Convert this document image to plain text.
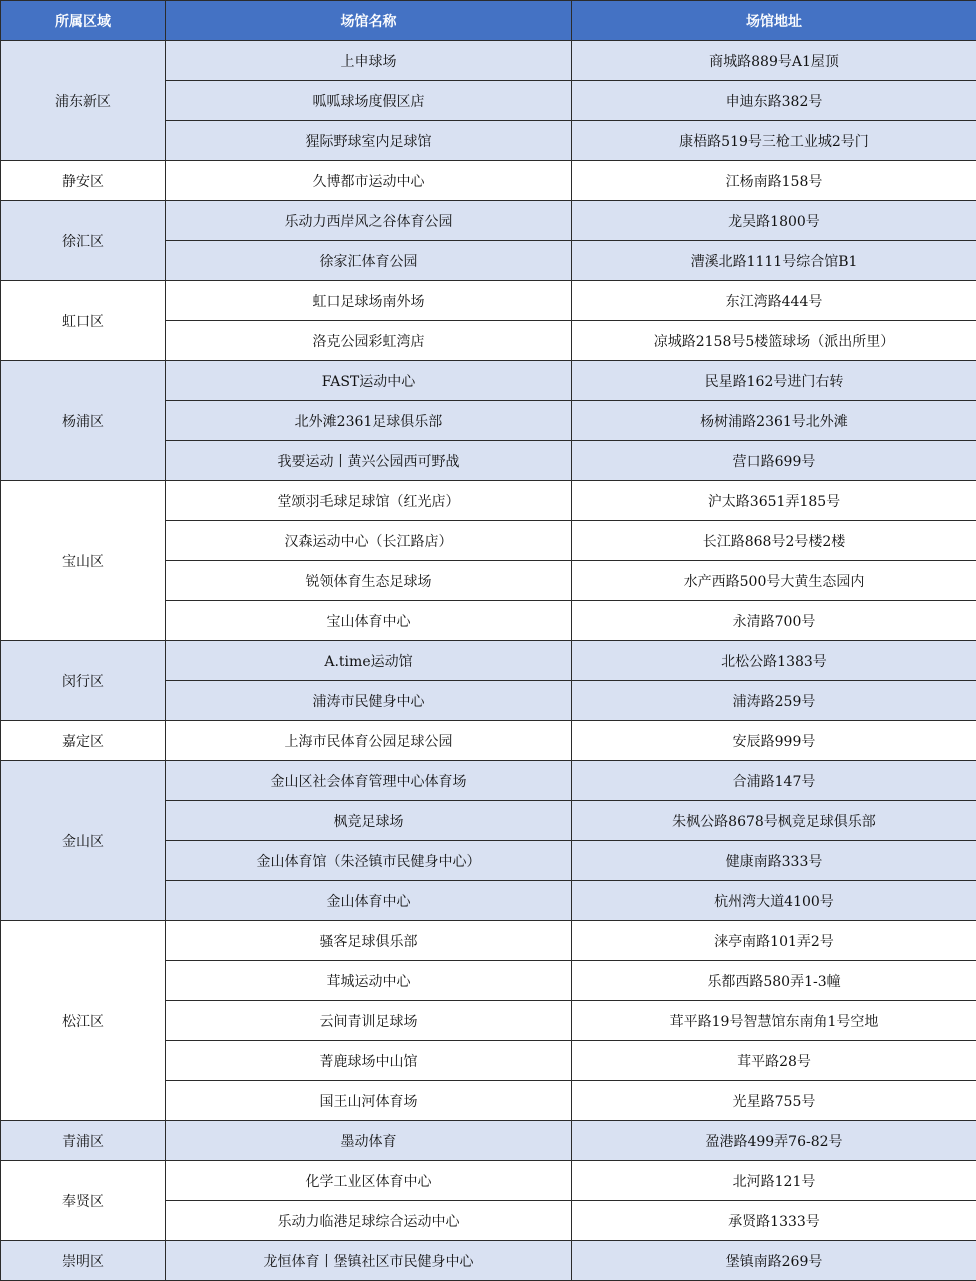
所属区域	场馆名称	场馆地址
浦东新区	上申球场	商城路889号A1屋顶
	呱呱球场度假区店	申迪东路382号
	猩际野球室内足球馆	康梧路519号三枪工业城2号门
静安区	久博都市运动中心	江杨南路158号
徐汇区	乐动力西岸风之谷体育公园	龙吴路1800号
	徐家汇体育公园	漕溪北路1111号综合馆B1
虹口区	虹口足球场南外场	东江湾路444号
	洛克公园彩虹湾店	凉城路2158号5楼篮球场（派出所里）
杨浦区	FAST运动中心	民星路162号进门右转
	北外滩2361足球俱乐部	杨树浦路2361号北外滩
	我要运动丨黄兴公园西可野战	营口路699号
宝山区	堂颂羽毛球足球馆（红光店）	沪太路3651弄185号
	汉森运动中心（长江路店）	长江路868号2号楼2楼
	锐领体育生态足球场	水产西路500号大黄生态园内
	宝山体育中心	永清路700号
闵行区	A.time运动馆	北松公路1383号
	浦涛市民健身中心	浦涛路259号
嘉定区	上海市民体育公园足球公园	安辰路999号
金山区	金山区社会体育管理中心体育场	合浦路147号
	枫竞足球场	朱枫公路8678号枫竞足球俱乐部
	金山体育馆（朱泾镇市民健身中心）	健康南路333号
	金山体育中心	杭州湾大道4100号
松江区	骚客足球俱乐部	涞亭南路101弄2号
	茸城运动中心	乐都西路580弄1-3幢
	云间青训足球场	茸平路19号智慧馆东南角1号空地
	菁鹿球场中山馆	茸平路28号
	国王山河体育场	光星路755号
青浦区	墨动体育	盈港路499弄76-82号
奉贤区	化学工业区体育中心	北河路121号
	乐动力临港足球综合运动中心	承贤路1333号
崇明区	龙恒体育丨堡镇社区市民健身中心	堡镇南路269号
